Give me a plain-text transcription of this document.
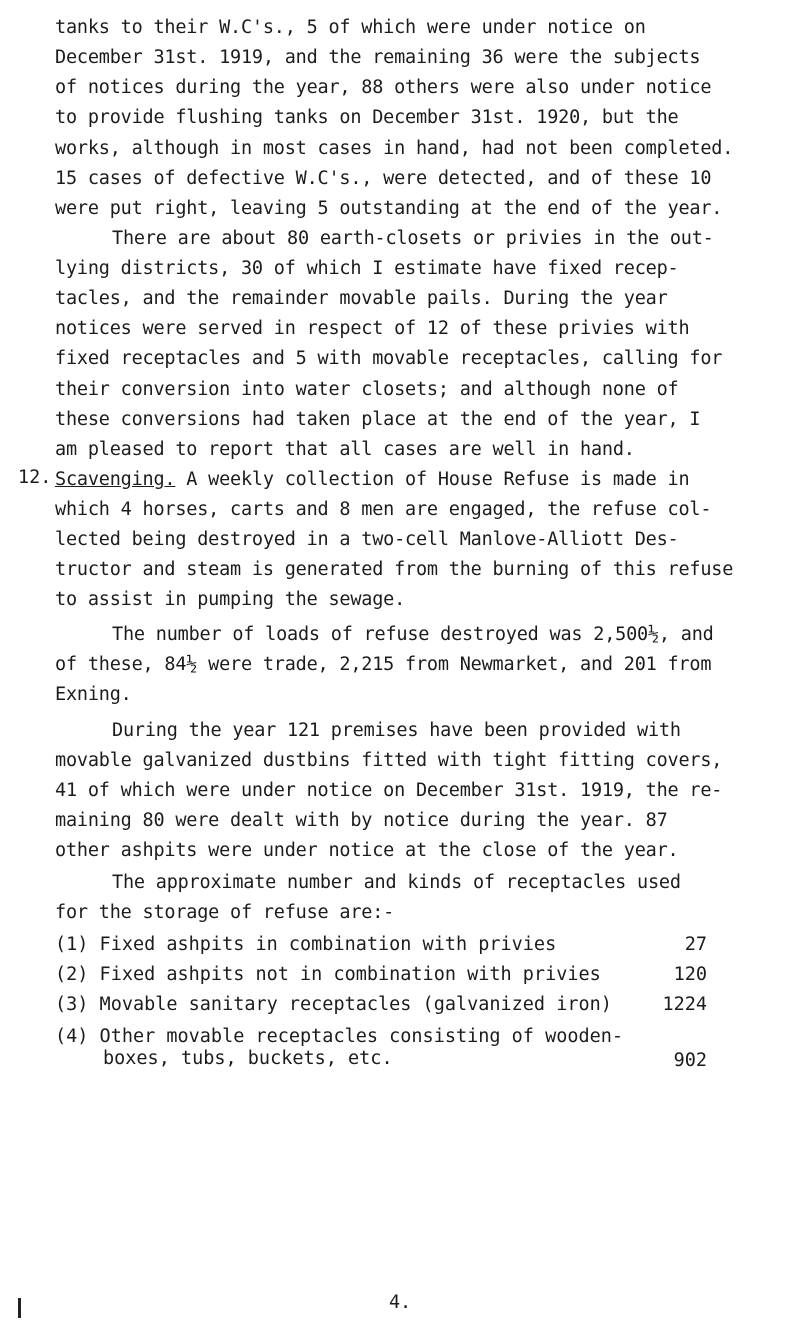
tanks to their W.C's., 5 of which were under notice on
December 31st. 1919, and the remaining 36 were the subjects
of notices during the year, 88 others were also under notice
to provide flushing tanks on December 31st. 1920, but the
works, although in most cases in hand, had not been completed.
15 cases of defective W.C's., were detected, and of these 10
were put right, leaving 5 outstanding at the end of the year.
There are about 80 earth-closets or privies in the out-
lying districts, 30 of which I estimate have fixed recep-
tacles, and the remainder movable pails. During the year
notices were served in respect of 12 of these privies with
fixed receptacles and 5 with movable receptacles, calling for
their conversion into water closets; and although none of
these conversions had taken place at the end of the year, I
am pleased to report that all cases are well in hand.
12. Scavenging. A weekly collection of House Refuse is made in
which 4 horses, carts and 8 men are engaged, the refuse col-
lected being destroyed in a two-cell Manlove-Alliott Des-
tructor and steam is generated from the burning of this refuse
to assist in pumping the sewage.
The number of loads of refuse destroyed was 2,500½, and
of these, 84½ were trade, 2,215 from Newmarket, and 201 from
Exning.
During the year 121 premises have been provided with
movable galvanized dustbins fitted with tight fitting covers,
41 of which were under notice on December 31st. 1919, the re-
maining 80 were dealt with by notice during the year. 87
other ashpits were under notice at the close of the year.
The approximate number and kinds of receptacles used
for the storage of refuse are:-
(1) Fixed ashpits in combination with privies	27
(2) Fixed ashpits not in combination with privies	120
(3) Movable sanitary receptacles (galvanized iron)	1224
(4) Other movable receptacles consisting of wooden-
boxes, tubs, buckets, etc.	902
4.
